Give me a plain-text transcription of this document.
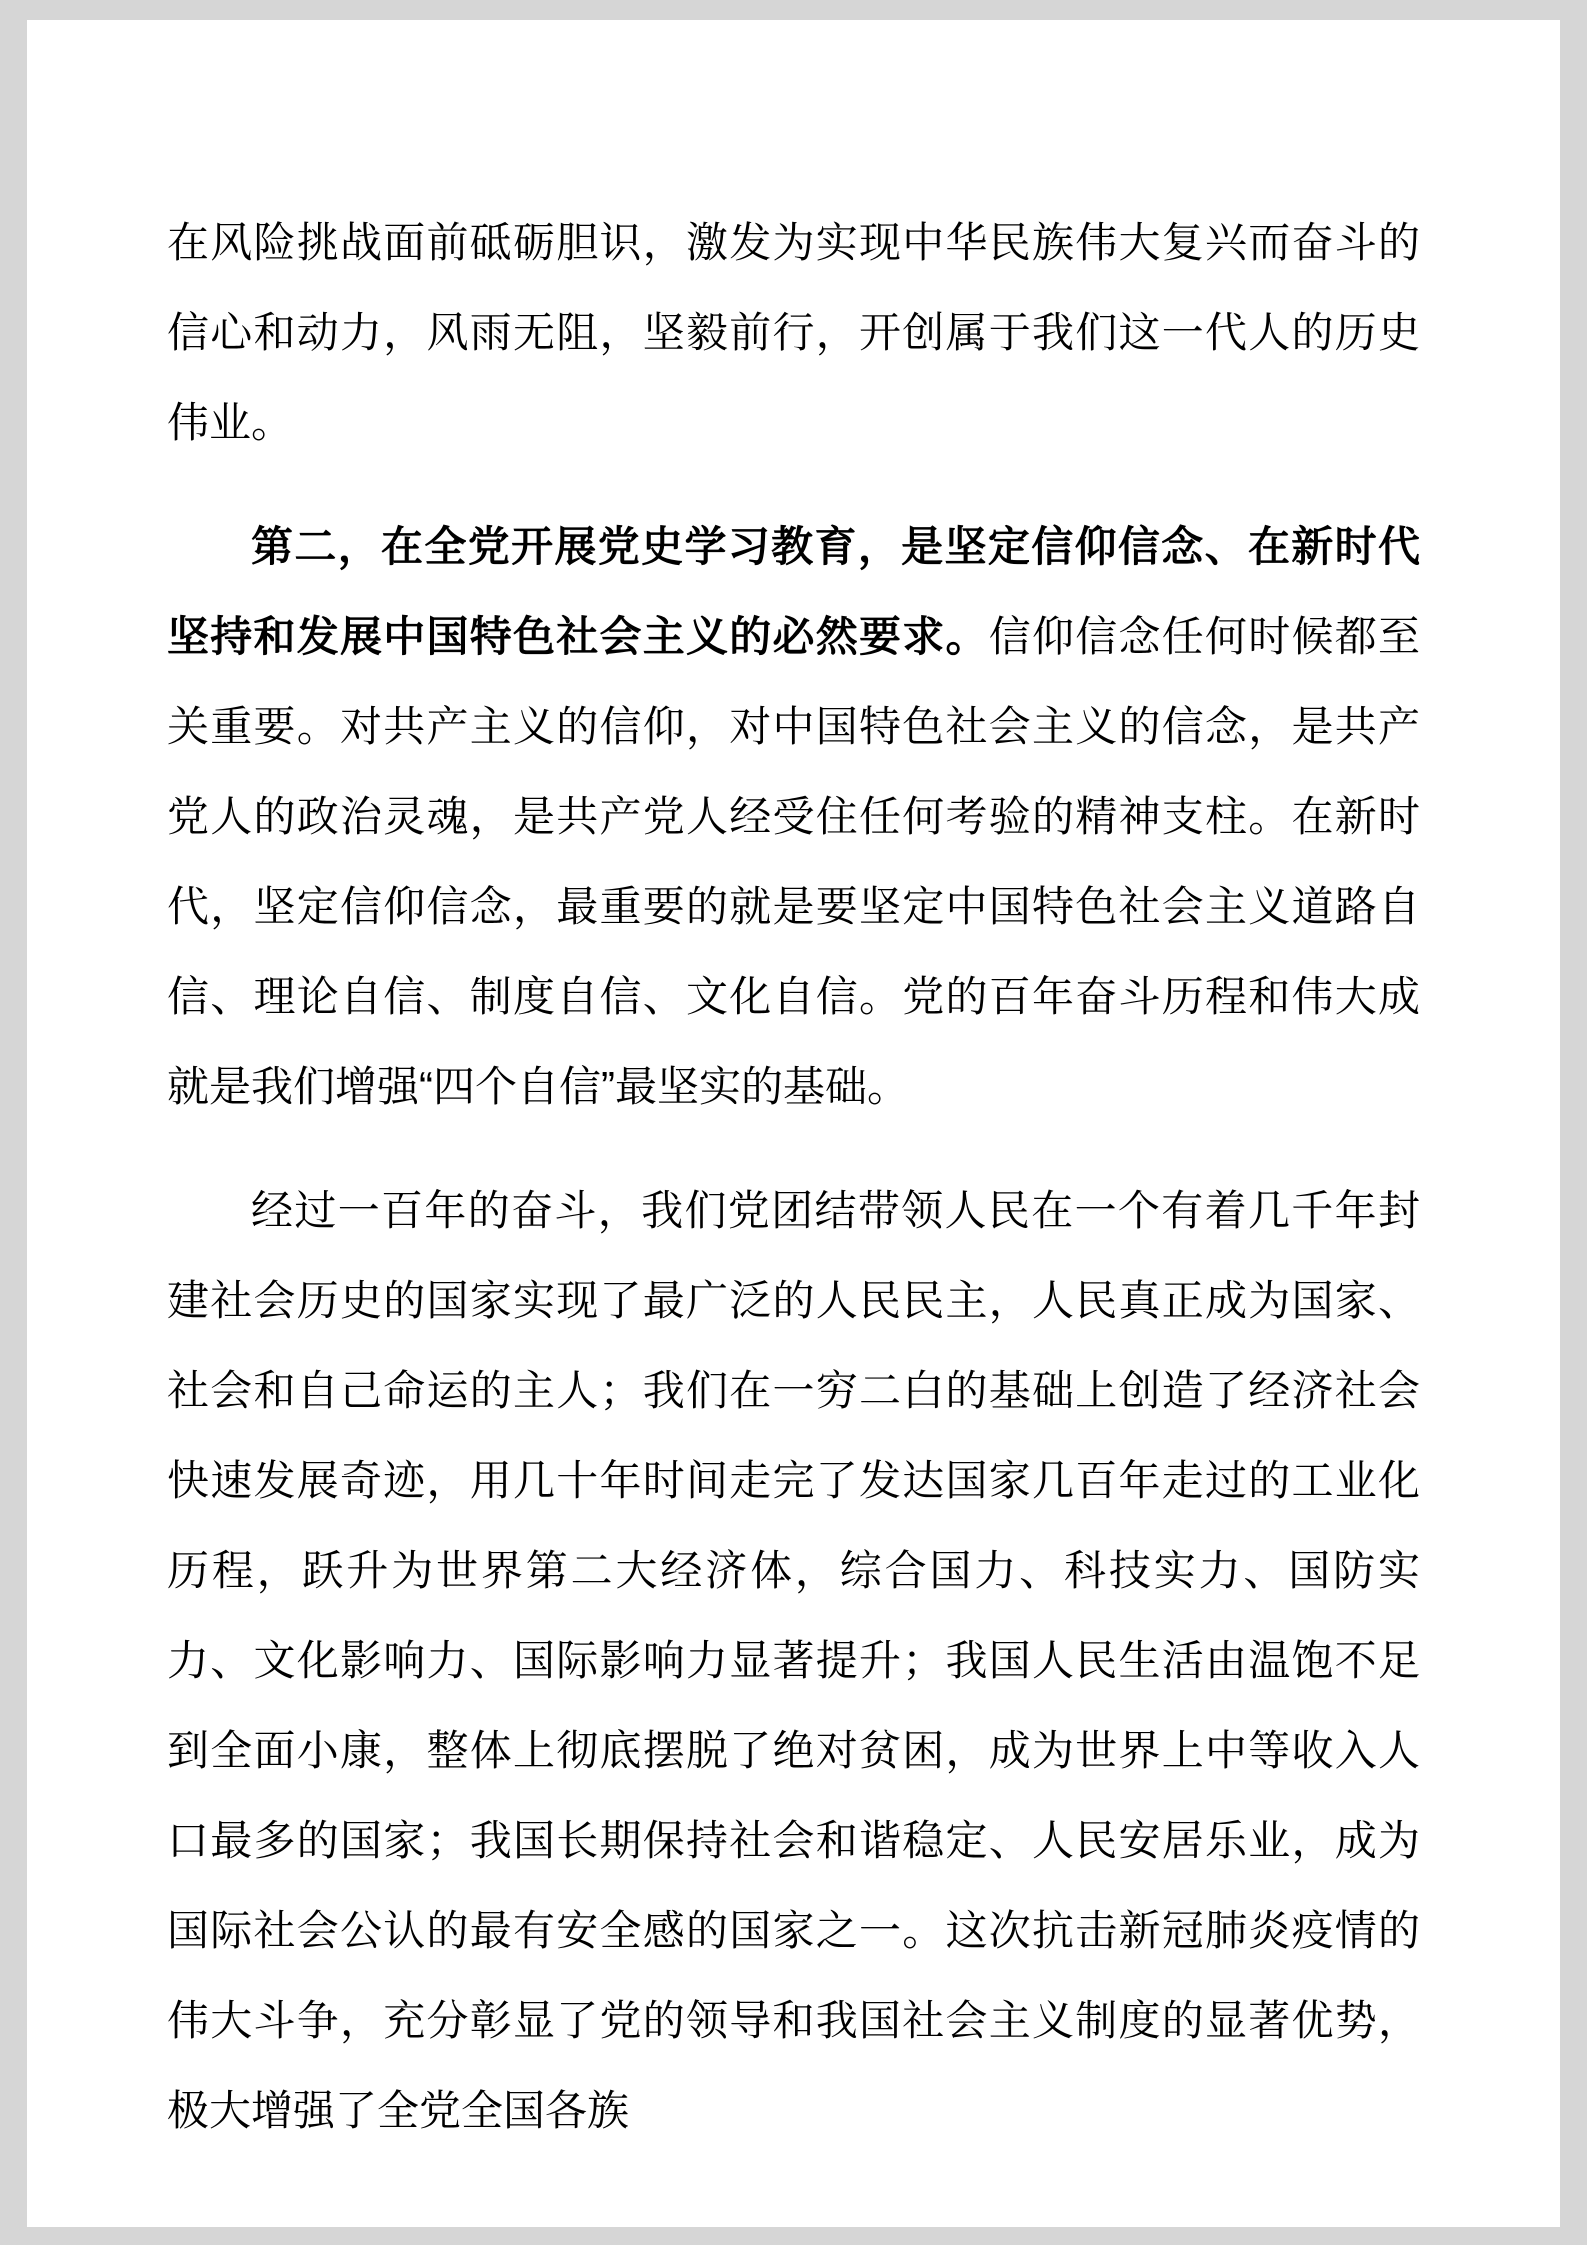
在风险挑战面前砥砺胆识，激发为实现中华民族伟大复兴而奋斗的信心和动力，风雨无阻，坚毅前行，开创属于我们这一代人的历史伟业。

第二，在全党开展党史学习教育，是坚定信仰信念、在新时代坚持和发展中国特色社会主义的必然要求。信仰信念任何时候都至关重要。对共产主义的信仰，对中国特色社会主义的信念，是共产党人的政治灵魂，是共产党人经受住任何考验的精神支柱。在新时代，坚定信仰信念，最重要的就是要坚定中国特色社会主义道路自信、理论自信、制度自信、文化自信。党的百年奋斗历程和伟大成就是我们增强“四个自信”最坚实的基础。

经过一百年的奋斗，我们党团结带领人民在一个有着几千年封建社会历史的国家实现了最广泛的人民民主，人民真正成为国家、社会和自己命运的主人；我们在一穷二白的基础上创造了经济社会快速发展奇迹，用几十年时间走完了发达国家几百年走过的工业化历程，跃升为世界第二大经济体，综合国力、科技实力、国防实力、文化影响力、国际影响力显著提升；我国人民生活由温饱不足到全面小康，整体上彻底摆脱了绝对贫困，成为世界上中等收入人口最多的国家；我国长期保持社会和谐稳定、人民安居乐业，成为国际社会公认的最有安全感的国家之一。这次抗击新冠肺炎疫情的伟大斗争，充分彰显了党的领导和我国社会主义制度的显著优势，极大增强了全党全国各族
